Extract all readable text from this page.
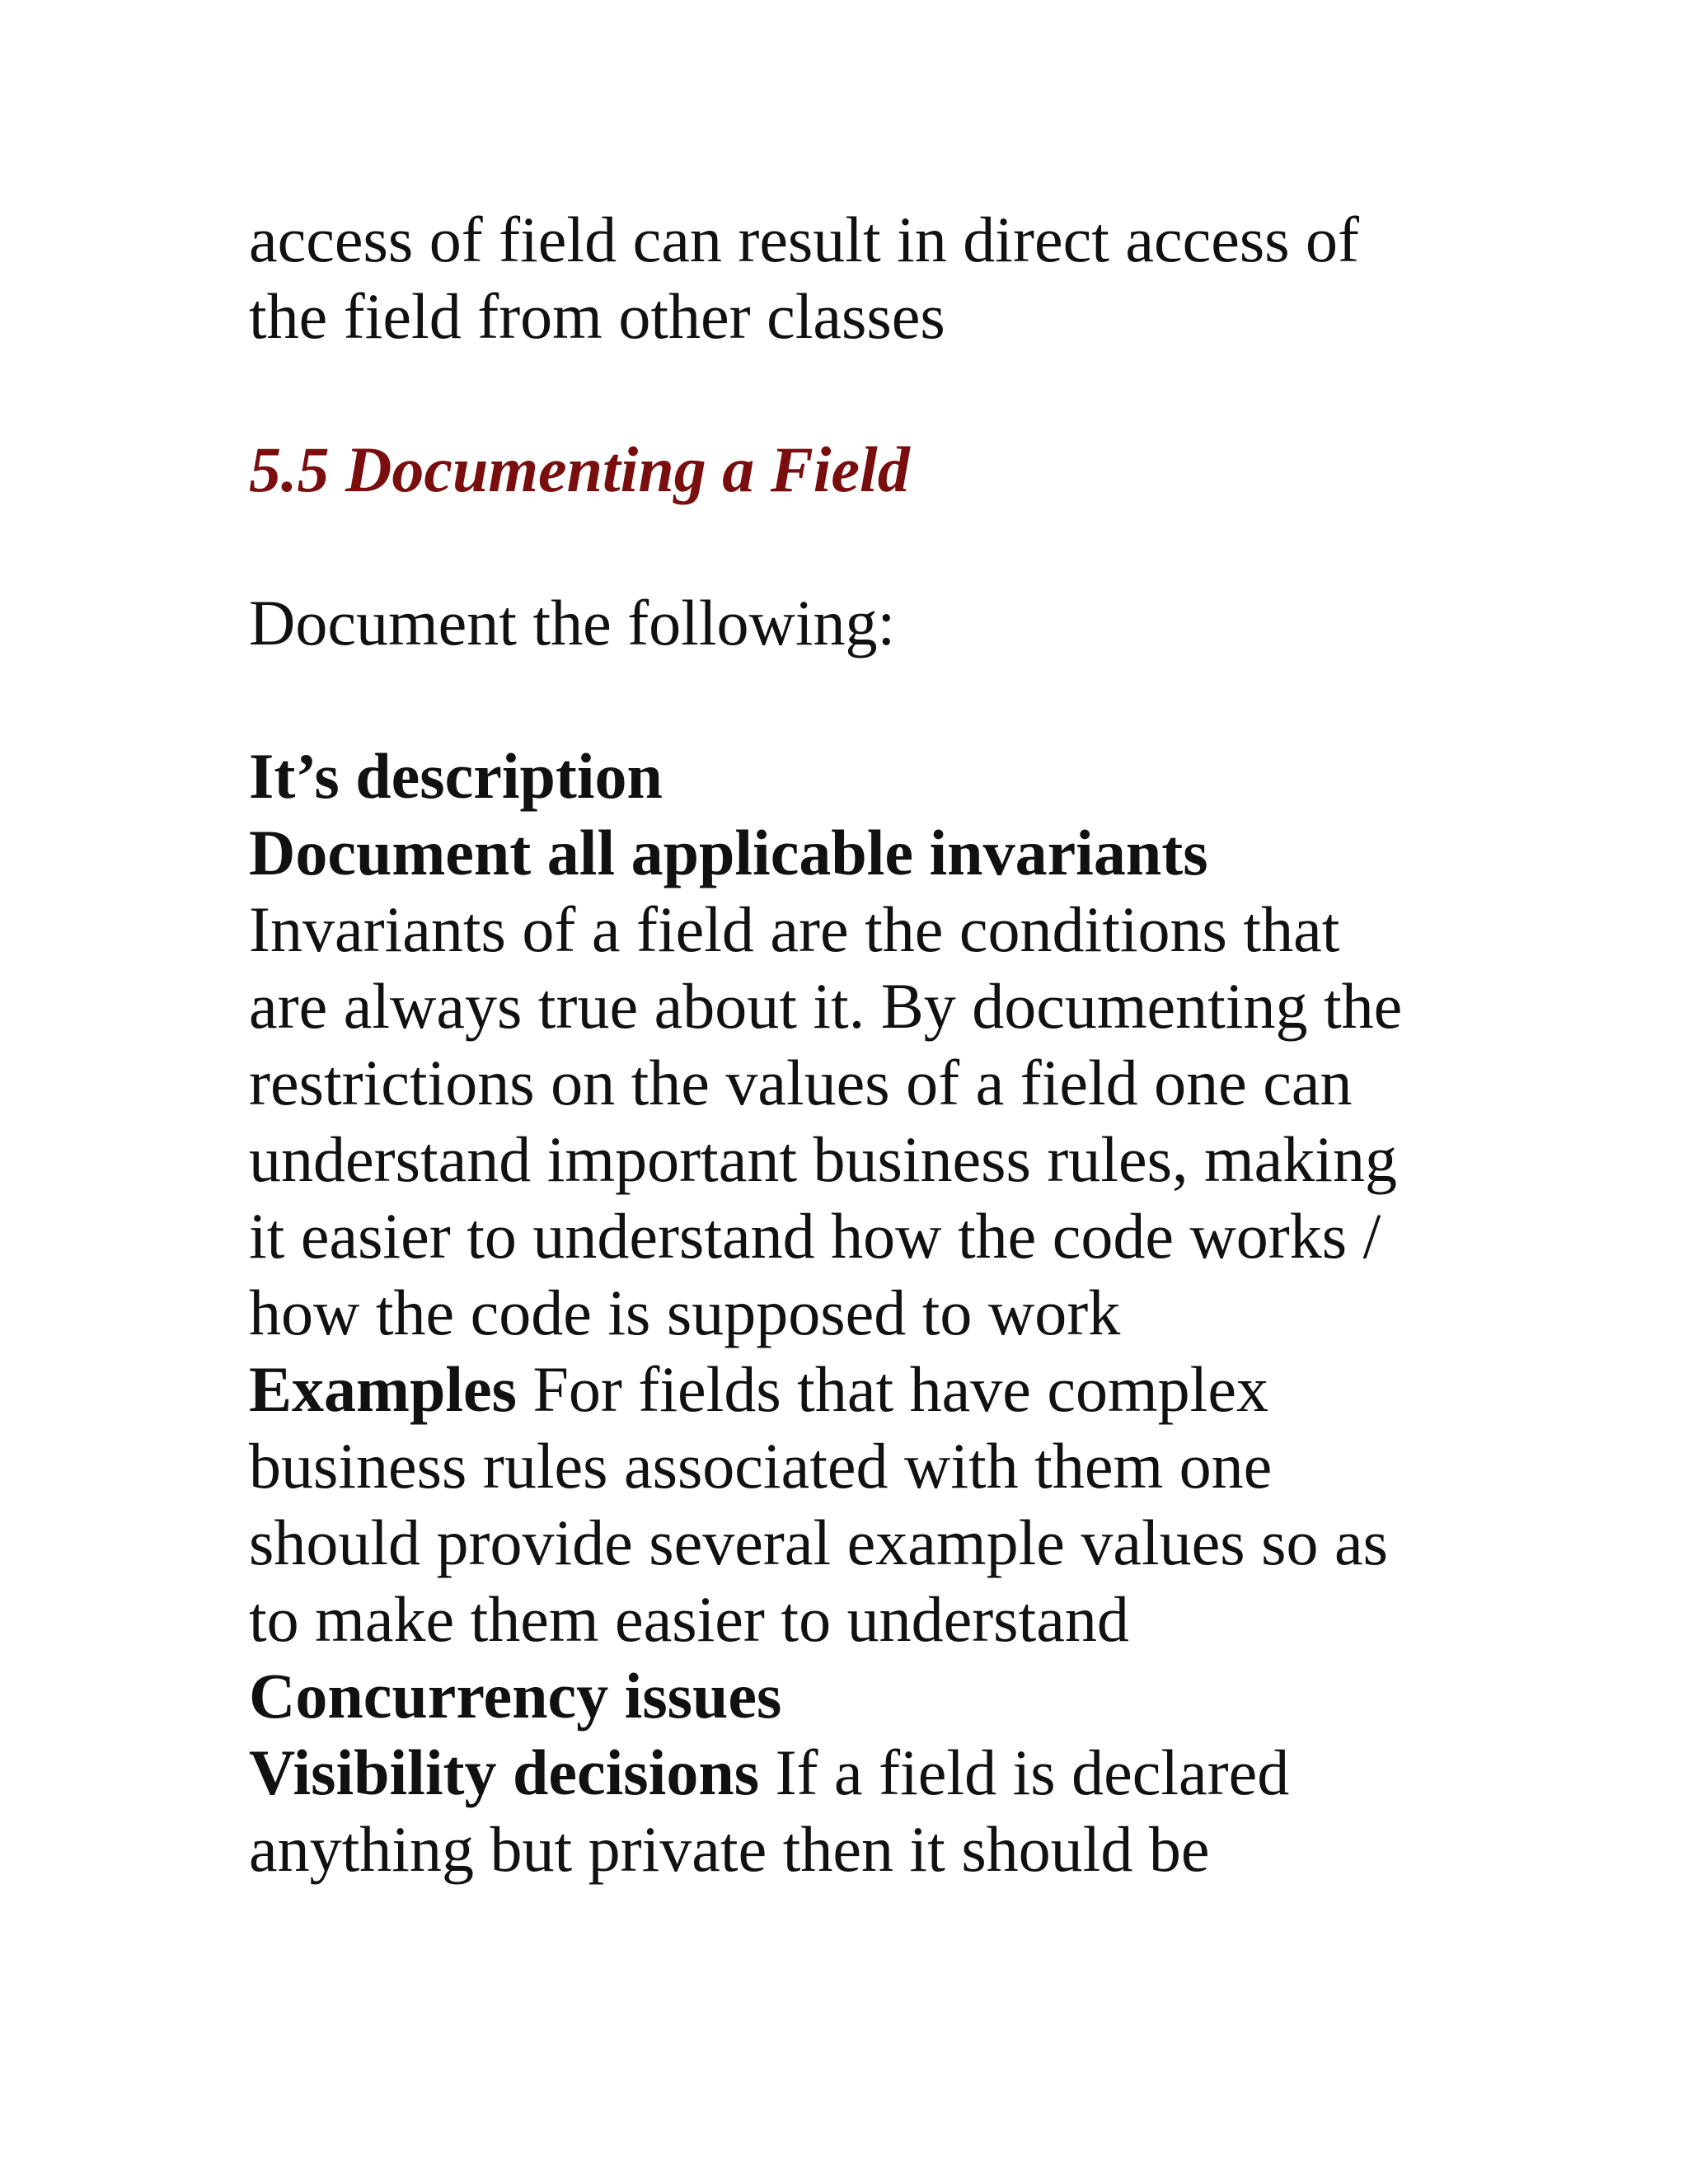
access of field can result in direct access of
the field from other classes

5.5 Documenting a Field

Document the following:

It’s description
Document all applicable invariants
Invariants of a field are the conditions that
are always true about it. By documenting the
restrictions on the values of a field one can
understand important business rules, making
it easier to understand how the code works /
how the code is supposed to work
Examples For fields that have complex
business rules associated with them one
should provide several example values so as
to make them easier to understand
Concurrency issues
Visibility decisions If a field is declared
anything but private then it should be
